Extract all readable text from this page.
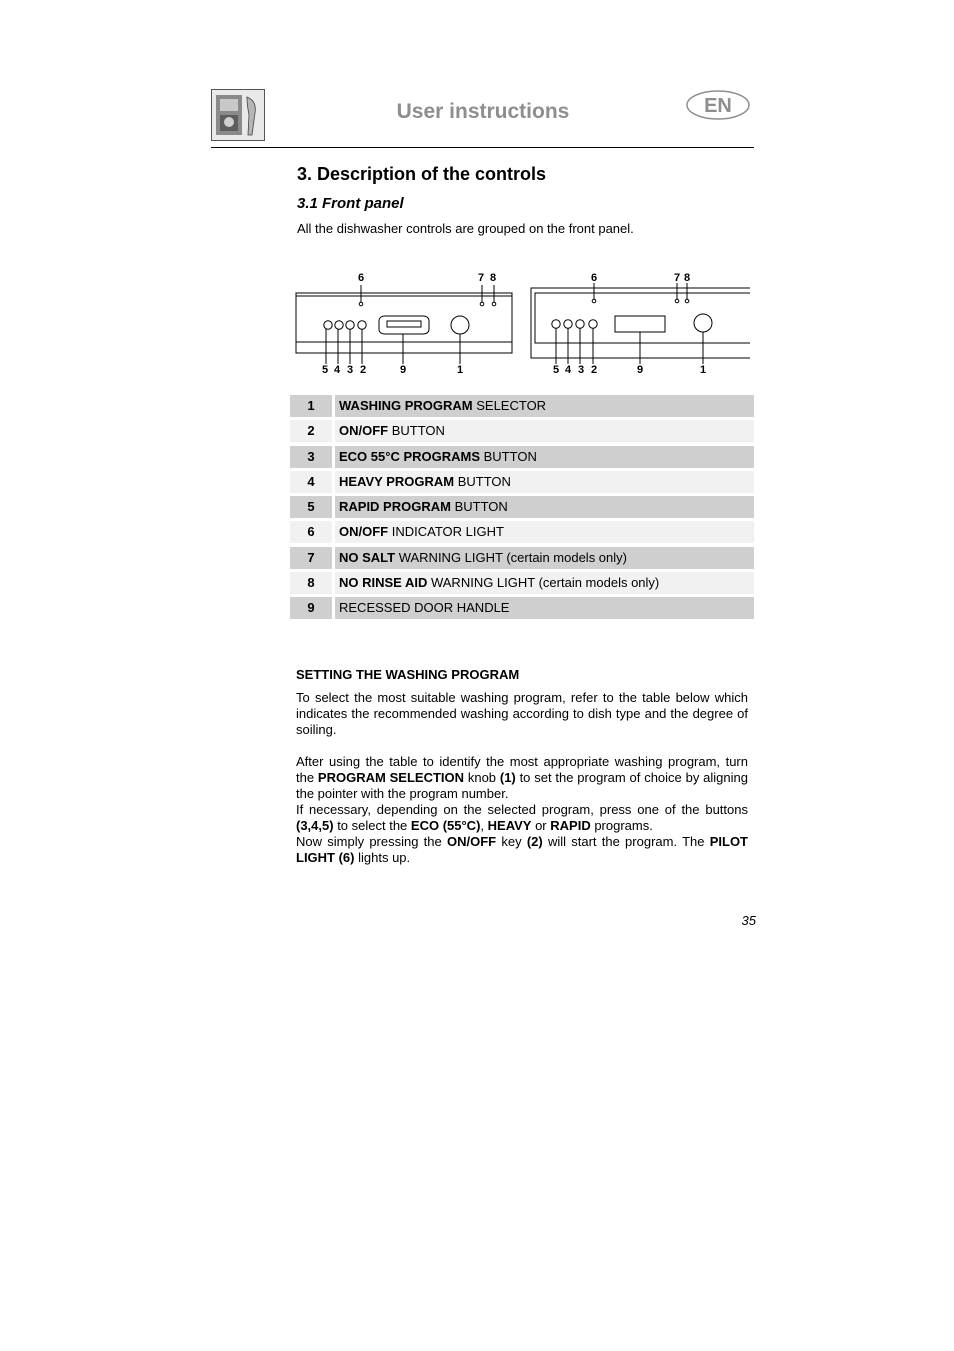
User instructions	EN
3. Description of the controls
3.1 Front panel
All the dishwasher controls are grouped on the front panel.
6	7 8
5 4 3 2	9	1
6	7 8
5 4 3 2	9	1
1	WASHING PROGRAM SELECTOR
2	ON/OFF BUTTON
3	ECO 55°C PROGRAMS BUTTON
4	HEAVY PROGRAM BUTTON
5	RAPID PROGRAM BUTTON
6	ON/OFF INDICATOR LIGHT
7	NO SALT WARNING LIGHT (certain models only)
8	NO RINSE AID WARNING LIGHT (certain models only)
9	RECESSED DOOR HANDLE
SETTING THE WASHING PROGRAM

To select the most suitable washing program, refer to the table below which indicates the recommended washing according to dish type and the degree of soiling.

After using the table to identify the most appropriate washing program, turn the PROGRAM SELECTION knob (1) to set the program of choice by aligning the pointer with the program number.

If necessary, depending on the selected program, press one of the buttons (3,4,5) to select the ECO (55°C), HEAVY or RAPID programs.

Now simply pressing the ON/OFF key (2) will start the program. The PILOT LIGHT (6) lights up.

35
